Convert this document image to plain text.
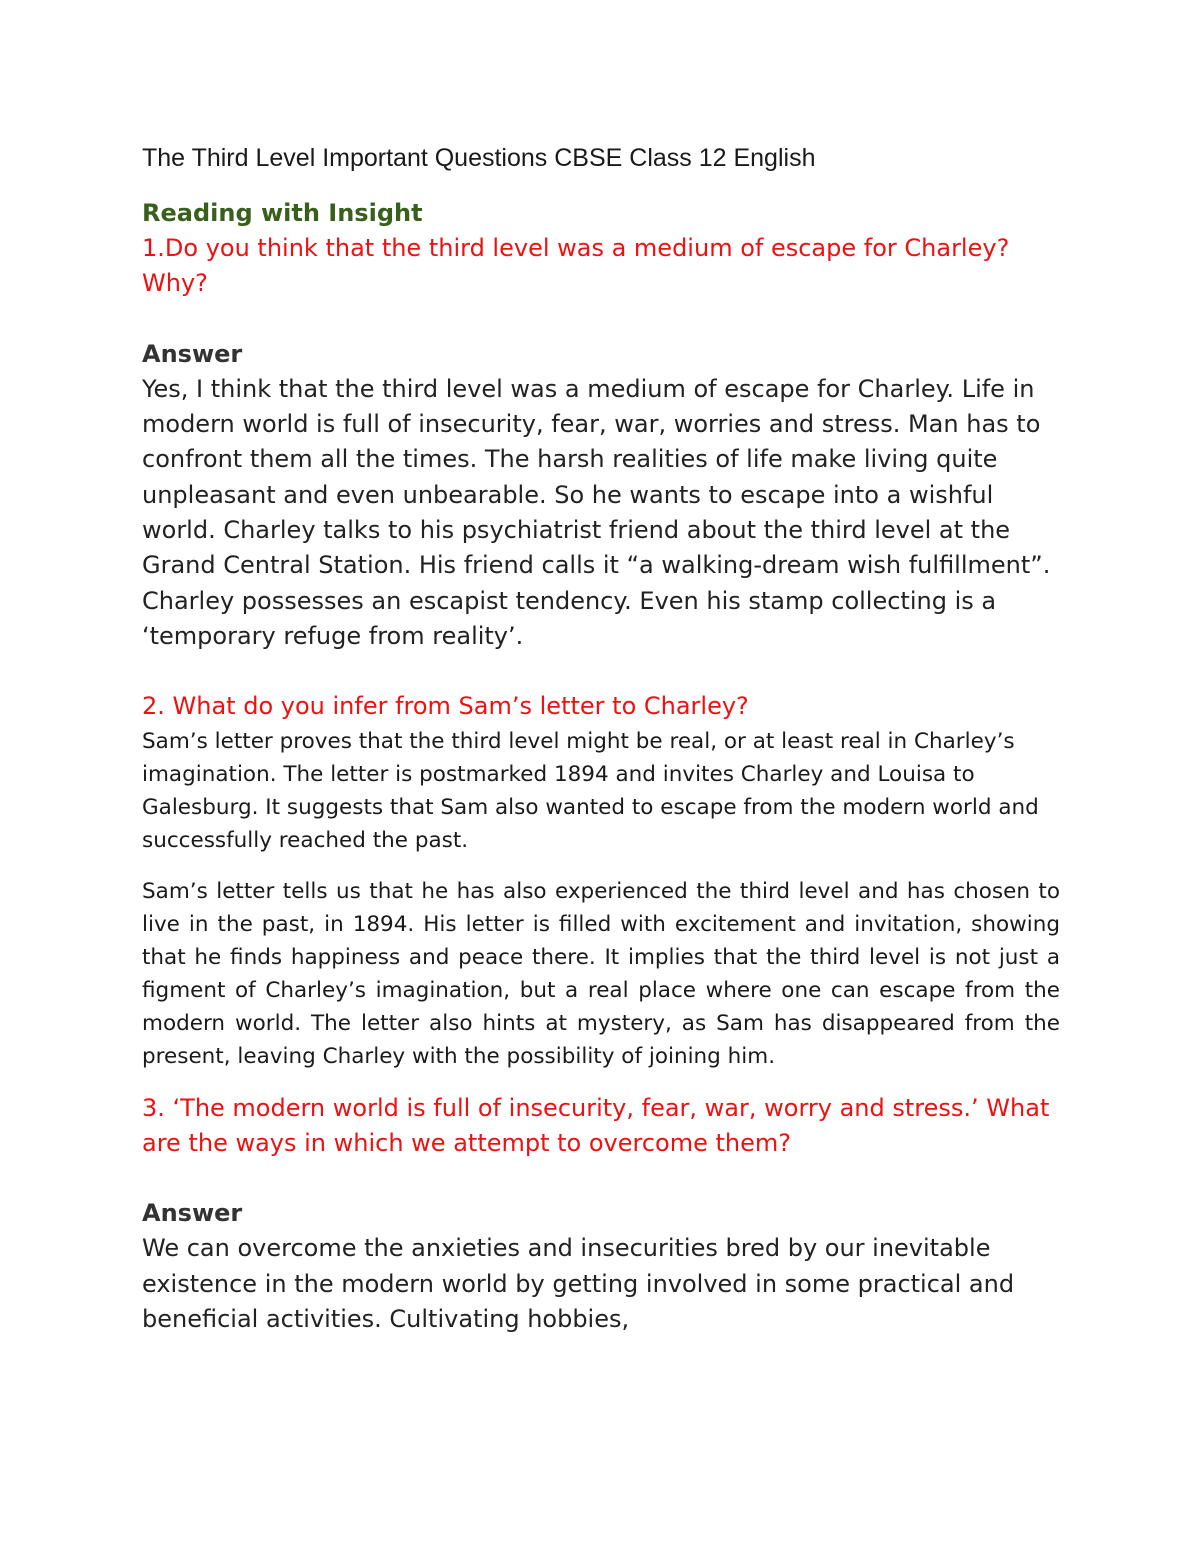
The Third Level Important Questions CBSE Class 12 English

Reading with Insight

1.Do you think that the third level was a medium of escape for Charley? Why?

Answer

Yes, I think that the third level was a medium of escape for Charley. Life in modern world is full of insecurity, fear, war, worries and stress. Man has to confront them all the times. The harsh realities of life make living quite unpleasant and even unbearable. So he wants to escape into a wishful world. Charley talks to his psychiatrist friend about the third level at the Grand Central Station. His friend calls it “a walking-dream wish fulfillment”. Charley possesses an escapist tendency. Even his stamp collecting is a ‘temporary refuge from reality’.

2. What do you infer from Sam’s letter to Charley?

Sam’s letter proves that the third level might be real, or at least real in Charley’s imagination. The letter is postmarked 1894 and invites Charley and Louisa to Galesburg. It suggests that Sam also wanted to escape from the modern world and successfully reached the past.

Sam’s letter tells us that he has also experienced the third level and has chosen to live in the past, in 1894. His letter is filled with excitement and invitation, showing that he finds happiness and peace there. It implies that the third level is not just a figment of Charley’s imagination, but a real place where one can escape from the modern world. The letter also hints at mystery, as Sam has disappeared from the present, leaving Charley with the possibility of joining him.

3. ‘The modern world is full of insecurity, fear, war, worry and stress.’ What are the ways in which we attempt to overcome them?

Answer

We can overcome the anxieties and insecurities bred by our inevitable existence in the modern world by getting involved in some practical and beneficial activities. Cultivating hobbies,
